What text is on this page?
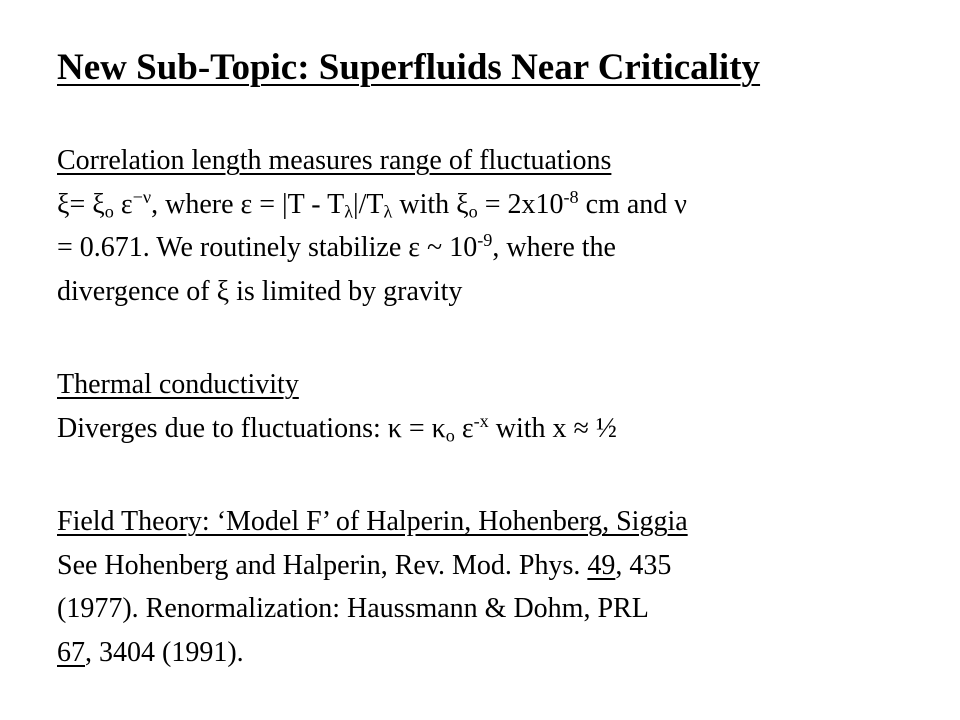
New Sub-Topic: Superfluids Near Criticality
Correlation length measures range of fluctuations
$\xi= \xi_o$ $\varepsilon^{-\nu}$, where $\varepsilon = |T - T_\lambda|/T_\lambda$ with $\xi_o = 2x10^{-8}$ cm and ν
= 0.671. We routinely stabilize ε ~ $10^{-9}$, where the
divergence of ξ is limited by gravity
Thermal conductivity
Diverges due to fluctuations: $\kappa = \kappa_o$ $\varepsilon^{-x}$ with x ≈ ½
Field Theory: ‘Model F’ of Halperin, Hohenberg, Siggia
See Hohenberg and Halperin, Rev. Mod. Phys. 49, 435
(1977). Renormalization: Haussmann & Dohm, PRL
67, 3404 (1991).
